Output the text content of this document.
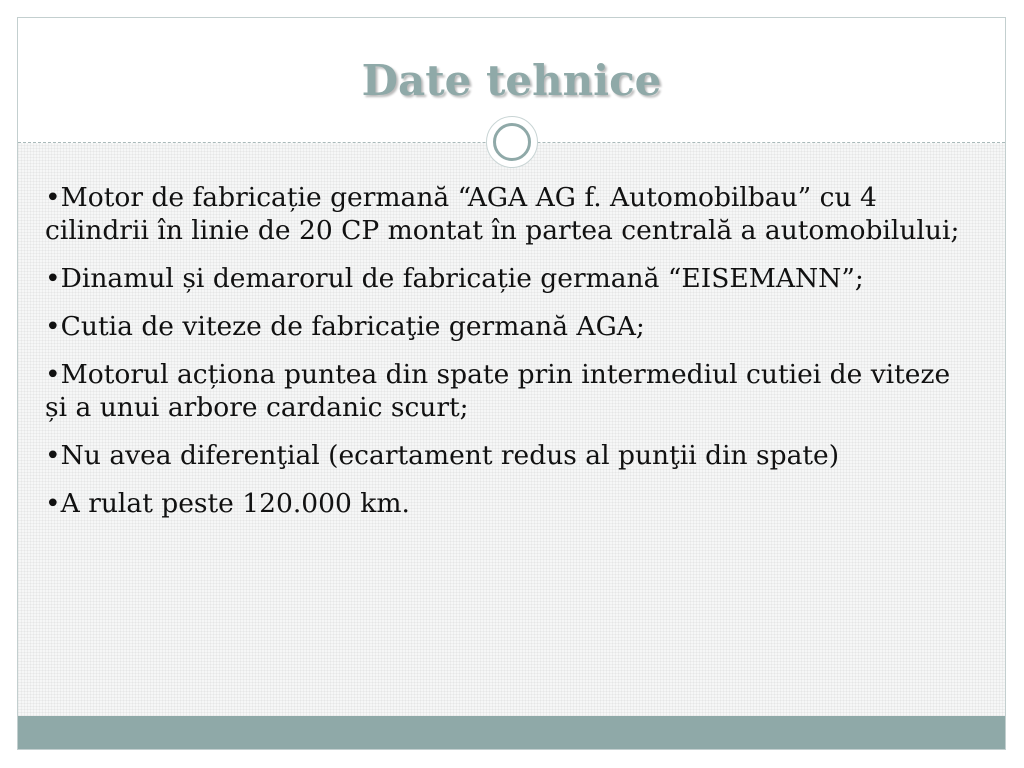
Date tehnice
•Motor de fabricație germană “AGA AG f. Automobilbau” cu 4 cilindrii în linie de 20 CP montat în partea centrală a automobilului;
•Dinamul și demarorul de fabricație germană “EISEMANN”;
•Cutia de viteze de fabricaţie germană AGA;
•Motorul acționa puntea din spate prin intermediul cutiei de viteze și a unui arbore cardanic scurt;
•Nu avea diferenţial (ecartament redus al punţii din spate)
•A rulat peste 120.000 km.
